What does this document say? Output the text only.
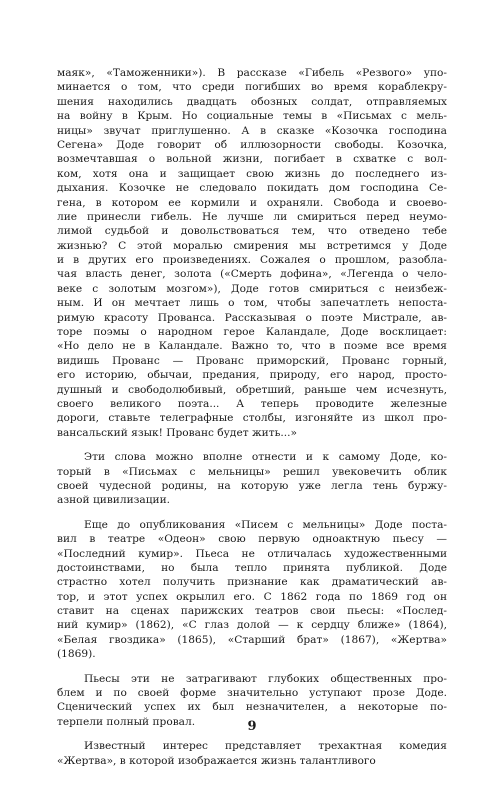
маяк», «Таможенники»). В рассказе «Гибель «Резвого» упо-
минается о том, что среди погибших во время кораблекру-
шения находились двадцать обозных солдат, отправляемых
на войну в Крым. Но социальные темы в «Письмах с мель-
ницы» звучат приглушенно. А в сказке «Козочка господина
Сегена» Доде говорит об иллюзорности свободы. Козочка,
возмечтавшая о вольной жизни, погибает в схватке с вол-
ком, хотя она и защищает свою жизнь до последнего из-
дыхания. Козочке не следовало покидать дом господина Се-
гена, в котором ее кормили и охраняли. Свобода и своево-
лие принесли гибель. Не лучше ли смириться перед неумо-
лимой судьбой и довольствоваться тем, что отведено тебе
жизнью? С этой моралью смирения мы встретимся у Доде
и в других его произведениях. Сожалея о прошлом, разобла-
чая власть денег, золота («Смерть дофина», «Легенда о чело-
веке с золотым мозгом»), Доде готов смириться с неизбеж-
ным. И он мечтает лишь о том, чтобы запечатлеть непоста-
римую красоту Прованса. Рассказывая о поэте Мистрале, ав-
торе поэмы о народном герое Каландале, Доде восклицает:
«Но дело не в Каландале. Важно то, что в поэме все время
видишь Прованс — Прованс приморский, Прованс горный,
его историю, обычаи, предания, природу, его народ, просто-
душный и свободолюбивый, обретший, раньше чем исчезнуть,
своего великого поэта... А теперь проводите железные
дороги, ставьте телеграфные столбы, изгоняйте из школ про-
вансальский язык! Прованс будет жить...»
Эти слова можно вполне отнести и к самому Доде, ко-
торый в «Письмах с мельницы» решил увековечить облик
своей чудесной родины, на которую уже легла тень буржу-
азной цивилизации.
Еще до опубликования «Писем с мельницы» Доде поста-
вил в театре «Одеон» свою первую одноактную пьесу —
«Последний кумир». Пьеса не отличалась художественными
достоинствами, но была тепло принята публикой. Доде
страстно хотел получить признание как драматический ав-
тор, и этот успех окрылил его. С 1862 года по 1869 год он
ставит на сценах парижских театров свои пьесы: «Послед-
ний кумир» (1862), «С глаз долой — к сердцу ближе» (1864),
«Белая гвоздика» (1865), «Старший брат» (1867), «Жертва»
(1869).
Пьесы эти не затрагивают глубоких общественных про-
блем и по своей форме значительно уступают прозе Доде.
Сценический успех их был незначителен, а некоторые по-
терпели полный провал.
Известный интерес представляет трехактная комедия
«Жертва», в которой изображается жизнь талантливого
9
